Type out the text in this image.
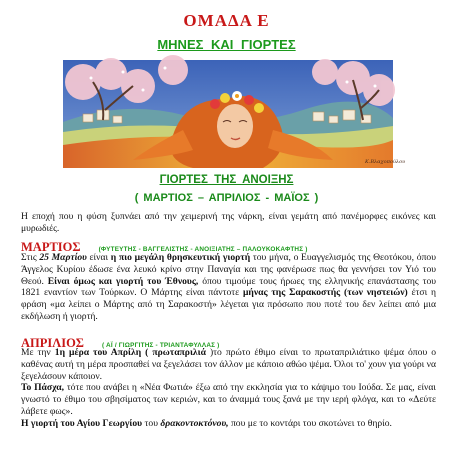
ΟΜΑΔΑ Ε
ΜΗΝΕΣ ΚΑΙ ΓΙΟΡΤΕΣ
Κ.Βλαχοπούλου
ΓΙΟΡΤΕΣ ΤΗΣ ΑΝΟΙΞΗΣ
( ΜΑΡΤΙΟΣ – ΑΠΡΙΛΙΟΣ - ΜΑΪΟΣ )
Η εποχή που η φύση ξυπνάει από την χειμερινή της νάρκη, είναι γεμάτη από πανέμορφες εικόνες και μυρωδιές.
ΜΑΡΤΙΟΣ	(ΦΥΤΕΥΤΗΣ - ΒΑΓΓΕΛΙΣΤΗΣ - ΑΝΟΙΞΙΑΤΗΣ – ΠΑΛΟΥΚΟΚΑΦΤΗΣ )
Στις 25 Μαρτίου είναι η πιο μεγάλη θρησκευτική γιορτή του μήνα, ο Ευαγγελισμός της Θεοτόκου, όπου Άγγελος Κυρίου έδωσε ένα λευκό κρίνο στην Παναγία και της φανέρωσε πως θα γεννήσει τον Υιό του Θεού. Είναι όμως και γιορτή του Έθνους, όπου τιμούμε τους ήρωες της ελληνικής επανάστασης του 1821 εναντίον των Τούρκων. Ο Μάρτης είναι πάντοτε μήνας της Σαρακοστής (των νηστειών) έτσι η φράση «μα λείπει ο Μάρτης από τη Σαρακοστή» λέγεται για πρόσωπο που ποτέ του δεν λείπει από μια εκδήλωση ή γιορτή.
ΑΠΡΙΛΙΟΣ	( ΑΪ / ΓΙΩΡΓΙΤΗΣ - ΤΡΙΑΝΤΑΦΥΛΛΑΣ )
Με την 1η μέρα του Απρίλη ( πρωταπριλιά )το πρώτο έθιμο είναι το πρωταπριλιάτικο ψέμα όπου ο καθένας αυτή τη μέρα προσπαθεί να ξεγελάσει τον άλλον με κάποιο αθώο ψέμα. Όλοι το' χουν για γούρι να ξεγελάσουν κάποιον.
Το Πάσχα, τότε που ανάβει η «Νέα Φωτιά» έξω από την εκκλησία για το κάψιμο του Ιούδα. Σε μας, είναι γνωστό το έθιμο του σβησίματος των κεριών, και το άναμμά τους ξανά με την ιερή φλόγα, και το «Δεύτε λάβετε φως».
Η γιορτή του Αγίου Γεωργίου του δρακοντοκτόνου, που με το κοντάρι του σκοτώνει το θηρίο.
